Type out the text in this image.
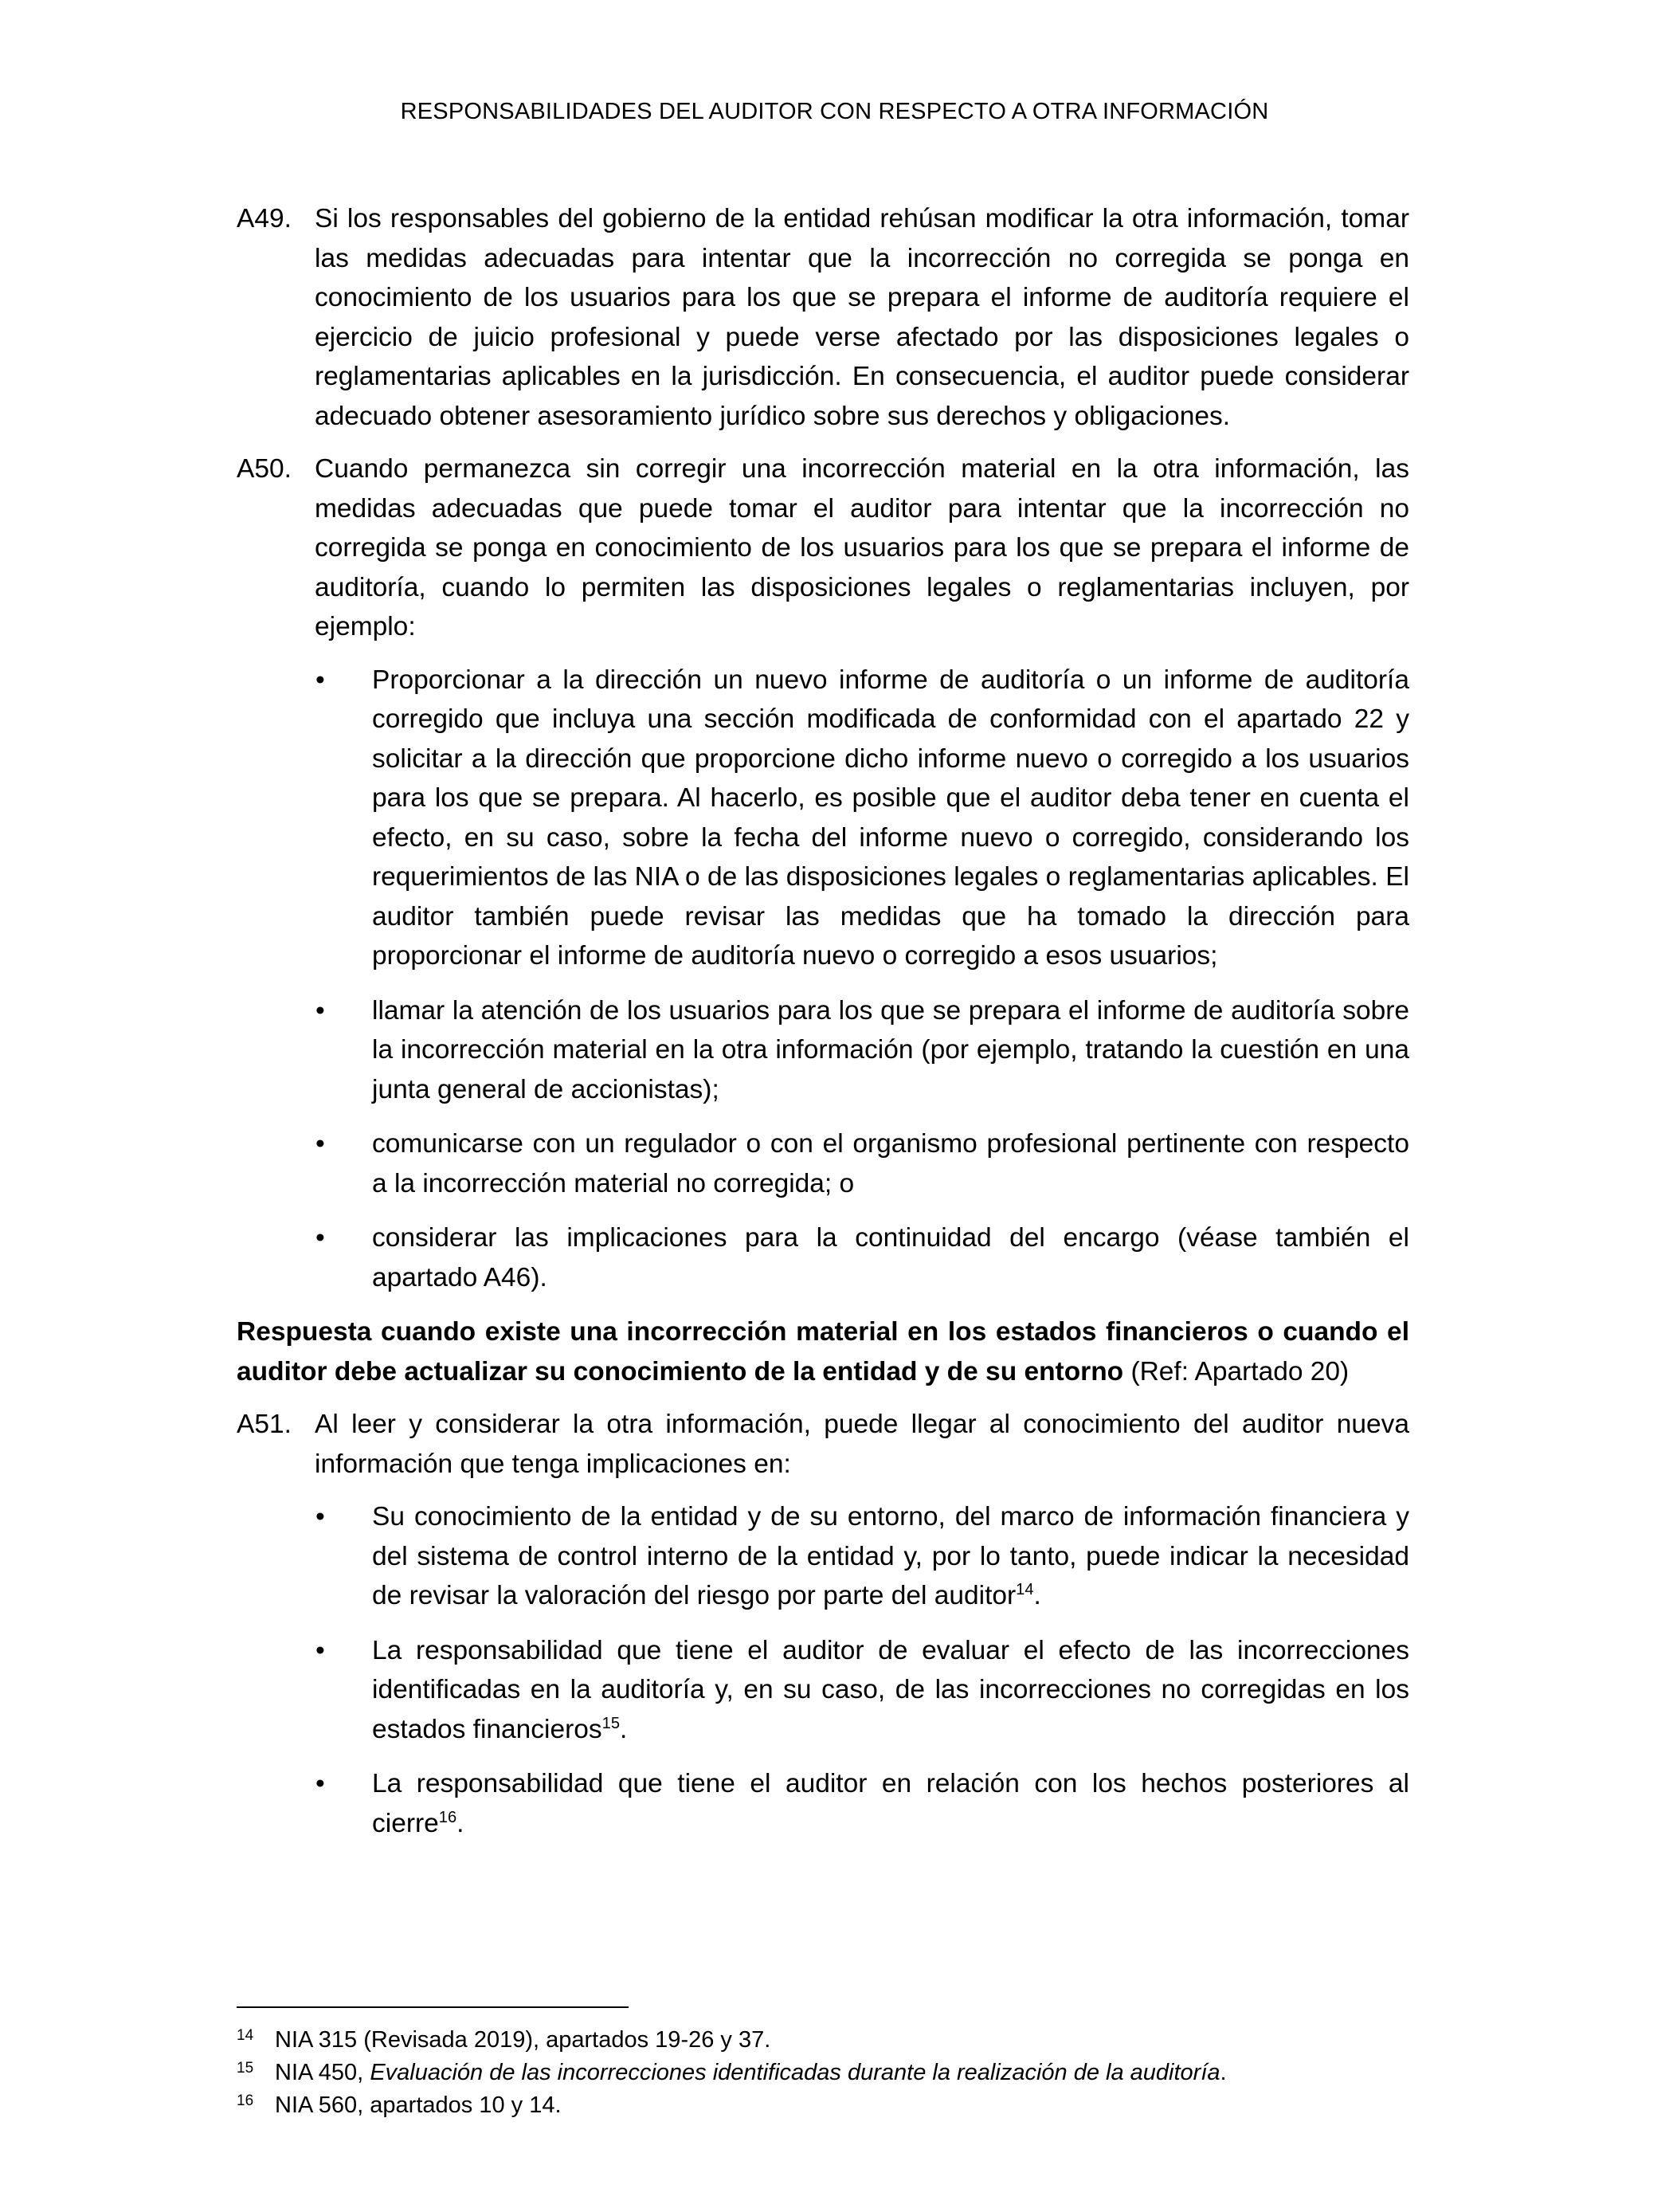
RESPONSABILIDADES DEL AUDITOR CON RESPECTO A OTRA INFORMACIÓN
A49. Si los responsables del gobierno de la entidad rehúsan modificar la otra información, tomar las medidas adecuadas para intentar que la incorrección no corregida se ponga en conocimiento de los usuarios para los que se prepara el informe de auditoría requiere el ejercicio de juicio profesional y puede verse afectado por las disposiciones legales o reglamentarias aplicables en la jurisdicción. En consecuencia, el auditor puede considerar adecuado obtener asesoramiento jurídico sobre sus derechos y obligaciones.
A50. Cuando permanezca sin corregir una incorrección material en la otra información, las medidas adecuadas que puede tomar el auditor para intentar que la incorrección no corregida se ponga en conocimiento de los usuarios para los que se prepara el informe de auditoría, cuando lo permiten las disposiciones legales o reglamentarias incluyen, por ejemplo:
• Proporcionar a la dirección un nuevo informe de auditoría o un informe de auditoría corregido que incluya una sección modificada de conformidad con el apartado 22 y solicitar a la dirección que proporcione dicho informe nuevo o corregido a los usuarios para los que se prepara. Al hacerlo, es posible que el auditor deba tener en cuenta el efecto, en su caso, sobre la fecha del informe nuevo o corregido, considerando los requerimientos de las NIA o de las disposiciones legales o reglamentarias aplicables. El auditor también puede revisar las medidas que ha tomado la dirección para proporcionar el informe de auditoría nuevo o corregido a esos usuarios;
• llamar la atención de los usuarios para los que se prepara el informe de auditoría sobre la incorrección material en la otra información (por ejemplo, tratando la cuestión en una junta general de accionistas);
• comunicarse con un regulador o con el organismo profesional pertinente con respecto a la incorrección material no corregida; o
• considerar las implicaciones para la continuidad del encargo (véase también el apartado A46).
Respuesta cuando existe una incorrección material en los estados financieros o cuando el auditor debe actualizar su conocimiento de la entidad y de su entorno (Ref: Apartado 20)
A51. Al leer y considerar la otra información, puede llegar al conocimiento del auditor nueva información que tenga implicaciones en:
• Su conocimiento de la entidad y de su entorno, del marco de información financiera y del sistema de control interno de la entidad y, por lo tanto, puede indicar la necesidad de revisar la valoración del riesgo por parte del auditor$^{14}$.
• La responsabilidad que tiene el auditor de evaluar el efecto de las incorrecciones identificadas en la auditoría y, en su caso, de las incorrecciones no corregidas en los estados financieros$^{15}$.
• La responsabilidad que tiene el auditor en relación con los hechos posteriores al cierre$^{16}$.
14 NIA 315 (Revisada 2019), apartados 19-26 y 37.
15 NIA 450, Evaluación de las incorrecciones identificadas durante la realización de la auditoría.
16 NIA 560, apartados 10 y 14.
